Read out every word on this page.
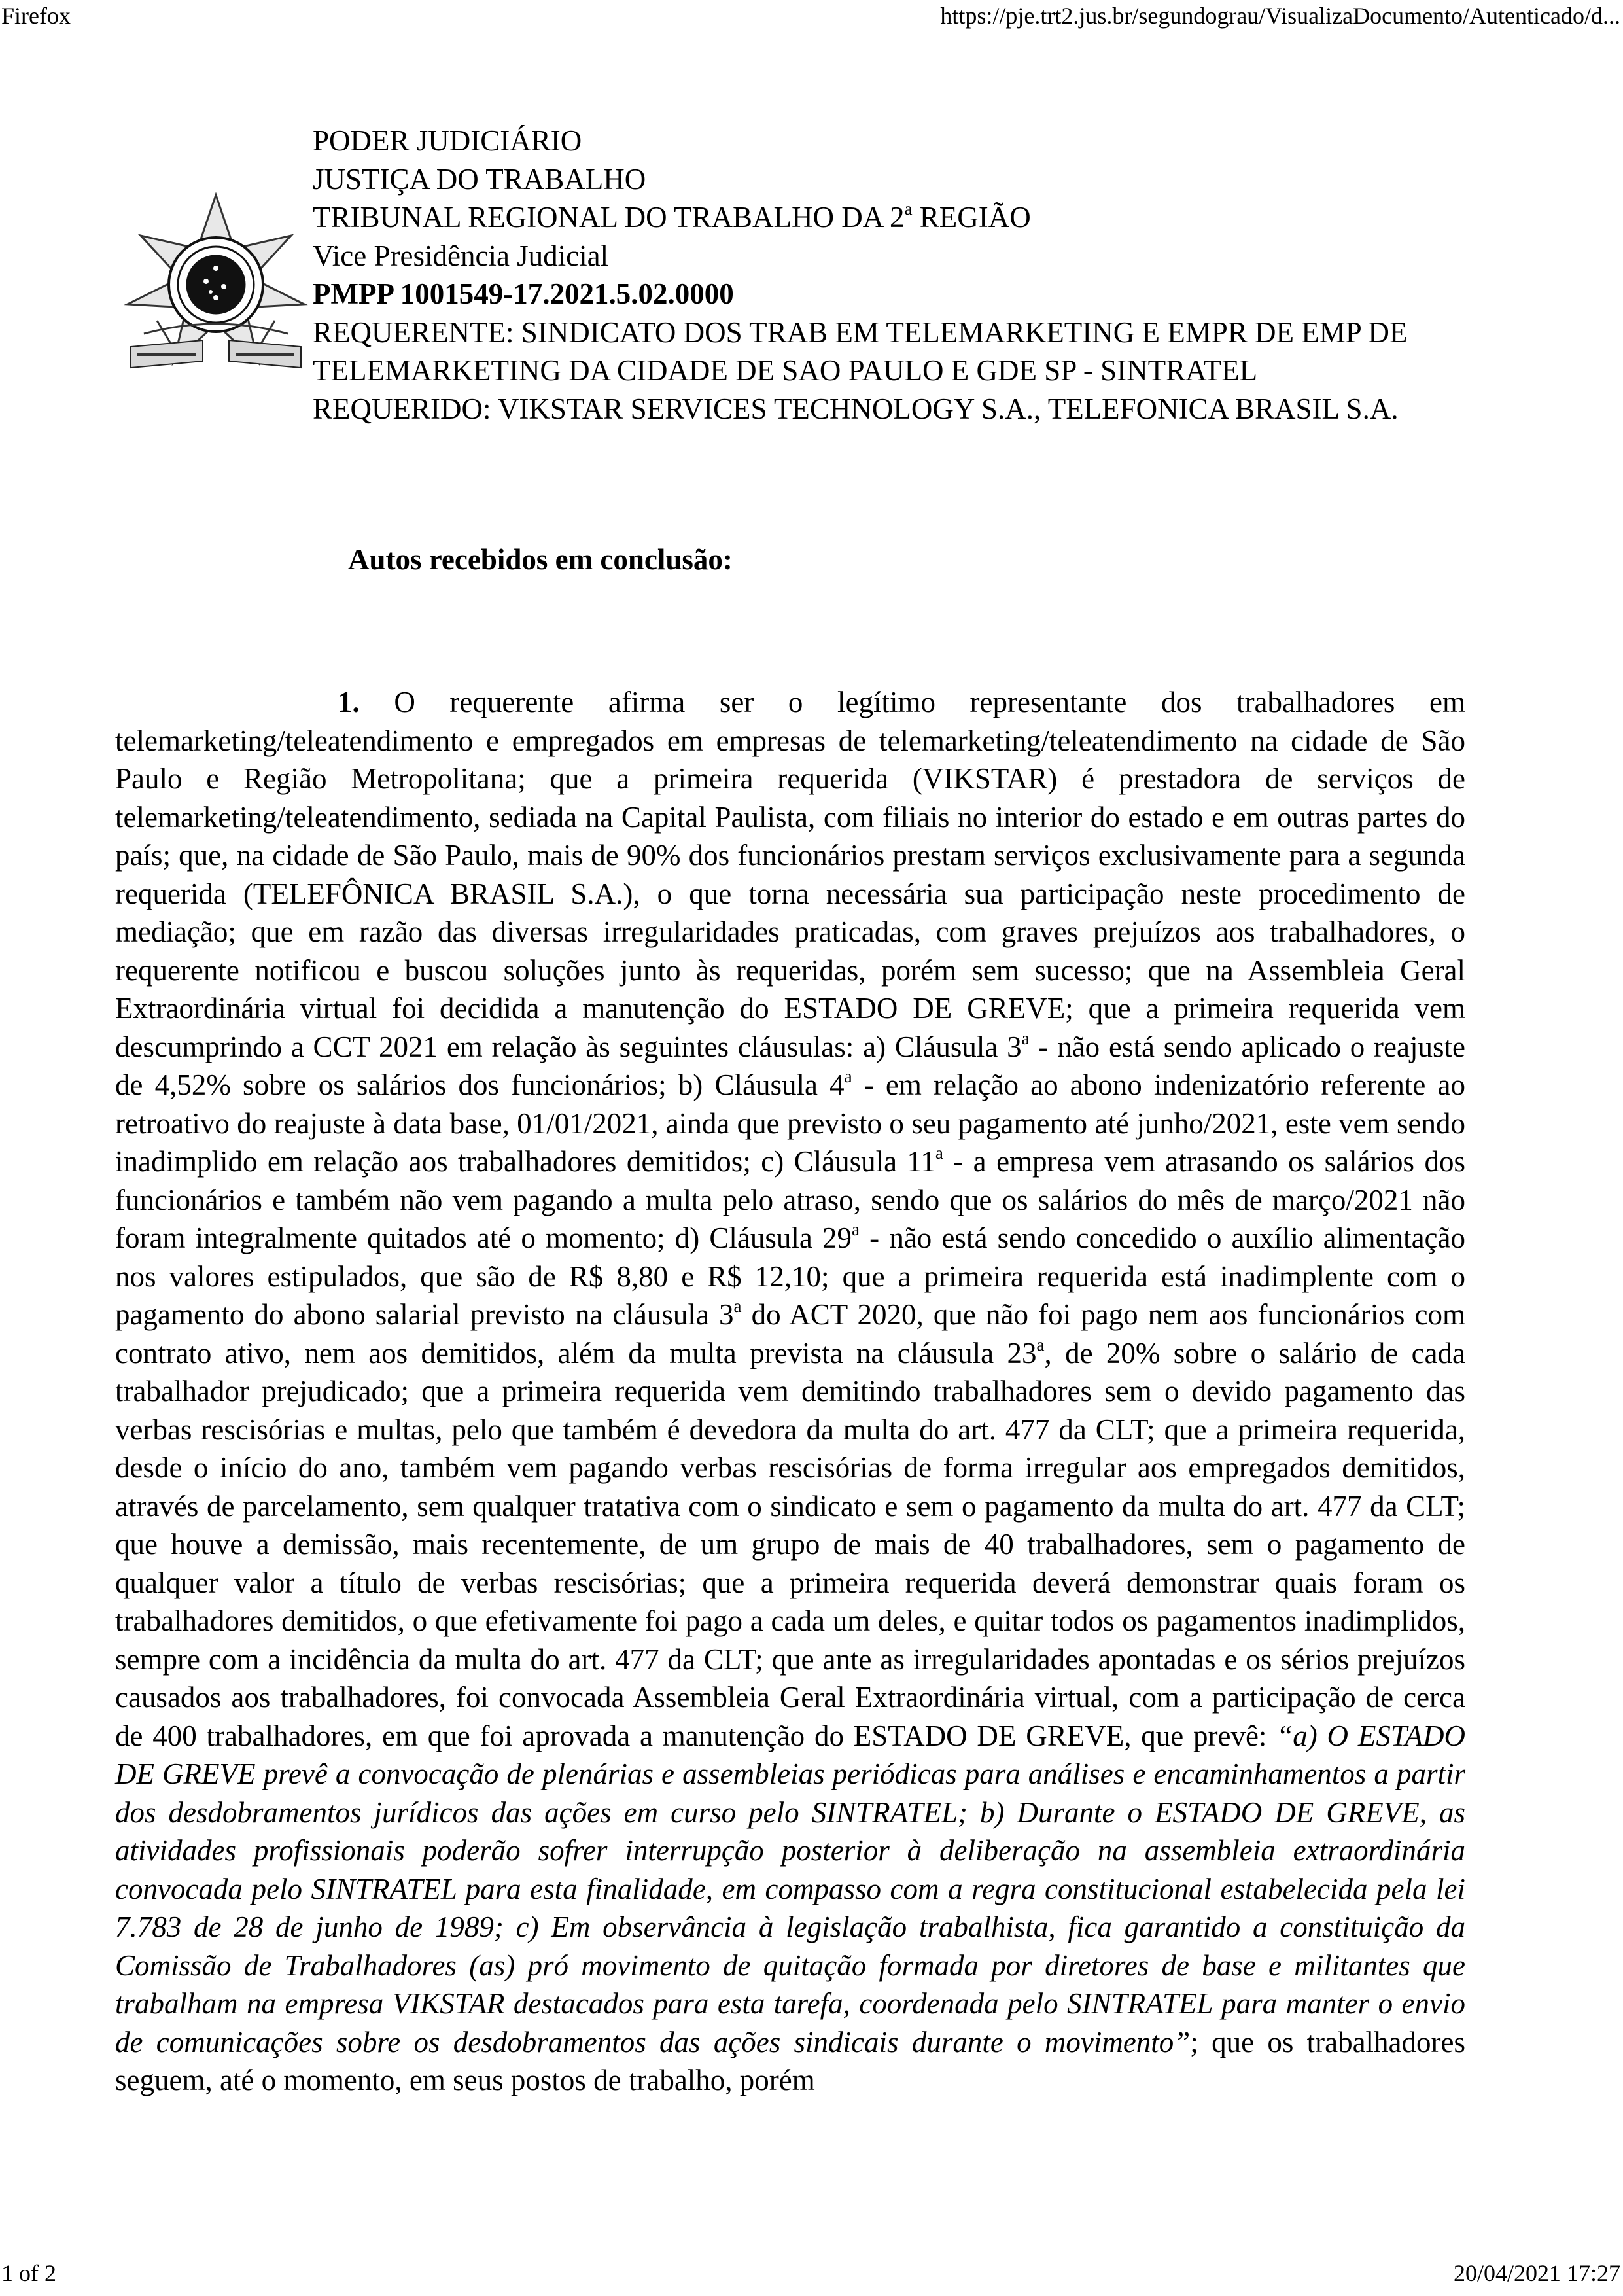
Firefox	https://pje.trt2.jus.br/segundograu/VisualizaDocumento/Autenticado/d...
PODER JUDICIÁRIO
JUSTIÇA DO TRABALHO
TRIBUNAL REGIONAL DO TRABALHO DA 2$^a$ REGIÃO
Vice Presidência Judicial
PMPP 1001549-17.2021.5.02.0000
REQUERENTE: SINDICATO DOS TRAB EM TELEMARKETING E EMPR DE EMP DE TELEMARKETING DA CIDADE DE SAO PAULO E GDE SP - SINTRATEL
REQUERIDO: VIKSTAR SERVICES TECHNOLOGY S.A., TELEFONICA BRASIL S.A.
Autos recebidos em conclusão:
1. O requerente afirma ser o legítimo representante dos trabalhadores em telemarketing/teleatendimento e empregados em empresas de telemarketing/teleatendimento na cidade de São Paulo e Região Metropolitana; que a primeira requerida (VIKSTAR) é prestadora de serviços de telemarketing/teleatendimento, sediada na Capital Paulista, com filiais no interior do estado e em outras partes do país; que, na cidade de São Paulo, mais de 90% dos funcionários prestam serviços exclusivamente para a segunda requerida (TELEFÔNICA BRASIL S.A.), o que torna necessária sua participação neste procedimento de mediação; que em razão das diversas irregularidades praticadas, com graves prejuízos aos trabalhadores, o requerente notificou e buscou soluções junto às requeridas, porém sem sucesso; que na Assembleia Geral Extraordinária virtual foi decidida a manutenção do ESTADO DE GREVE; que a primeira requerida vem descumprindo a CCT 2021 em relação às seguintes cláusulas: a) Cláusula 3$^a$ - não está sendo aplicado o reajuste de 4,52% sobre os salários dos funcionários; b) Cláusula 4$^a$ - em relação ao abono indenizatório referente ao retroativo do reajuste à data base, 01/01/2021, ainda que previsto o seu pagamento até junho/2021, este vem sendo inadimplido em relação aos trabalhadores demitidos; c) Cláusula 11$^a$ - a empresa vem atrasando os salários dos funcionários e também não vem pagando a multa pelo atraso, sendo que os salários do mês de março/2021 não foram integralmente quitados até o momento; d) Cláusula 29$^a$ - não está sendo concedido o auxílio alimentação nos valores estipulados, que são de R$ 8,80 e R$ 12,10; que a primeira requerida está inadimplente com o pagamento do abono salarial previsto na cláusula 3$^a$ do ACT 2020, que não foi pago nem aos funcionários com contrato ativo, nem aos demitidos, além da multa prevista na cláusula 23$^a$, de 20% sobre o salário de cada trabalhador prejudicado; que a primeira requerida vem demitindo trabalhadores sem o devido pagamento das verbas rescisórias e multas, pelo que também é devedora da multa do art. 477 da CLT; que a primeira requerida, desde o início do ano, também vem pagando verbas rescisórias de forma irregular aos empregados demitidos, através de parcelamento, sem qualquer tratativa com o sindicato e sem o pagamento da multa do art. 477 da CLT; que houve a demissão, mais recentemente, de um grupo de mais de 40 trabalhadores, sem o pagamento de qualquer valor a título de verbas rescisórias; que a primeira requerida deverá demonstrar quais foram os trabalhadores demitidos, o que efetivamente foi pago a cada um deles, e quitar todos os pagamentos inadimplidos, sempre com a incidência da multa do art. 477 da CLT; que ante as irregularidades apontadas e os sérios prejuízos causados aos trabalhadores, foi convocada Assembleia Geral Extraordinária virtual, com a participação de cerca de 400 trabalhadores, em que foi aprovada a manutenção do ESTADO DE GREVE, que prevê: “a) O ESTADO DE GREVE prevê a convocação de plenárias e assembleias periódicas para análises e encaminhamentos a partir dos desdobramentos jurídicos das ações em curso pelo SINTRATEL; b) Durante o ESTADO DE GREVE, as atividades profissionais poderão sofrer interrupção posterior à deliberação na assembleia extraordinária convocada pelo SINTRATEL para esta finalidade, em compasso com a regra constitucional estabelecida pela lei 7.783 de 28 de junho de 1989; c) Em observância à legislação trabalhista, fica garantido a constituição da Comissão de Trabalhadores (as) pró movimento de quitação formada por diretores de base e militantes que trabalham na empresa VIKSTAR destacados para esta tarefa, coordenada pelo SINTRATEL para manter o envio de comunicações sobre os desdobramentos das ações sindicais durante o movimento”; que os trabalhadores seguem, até o momento, em seus postos de trabalho, porém
1 of 2	20/04/2021 17:27
